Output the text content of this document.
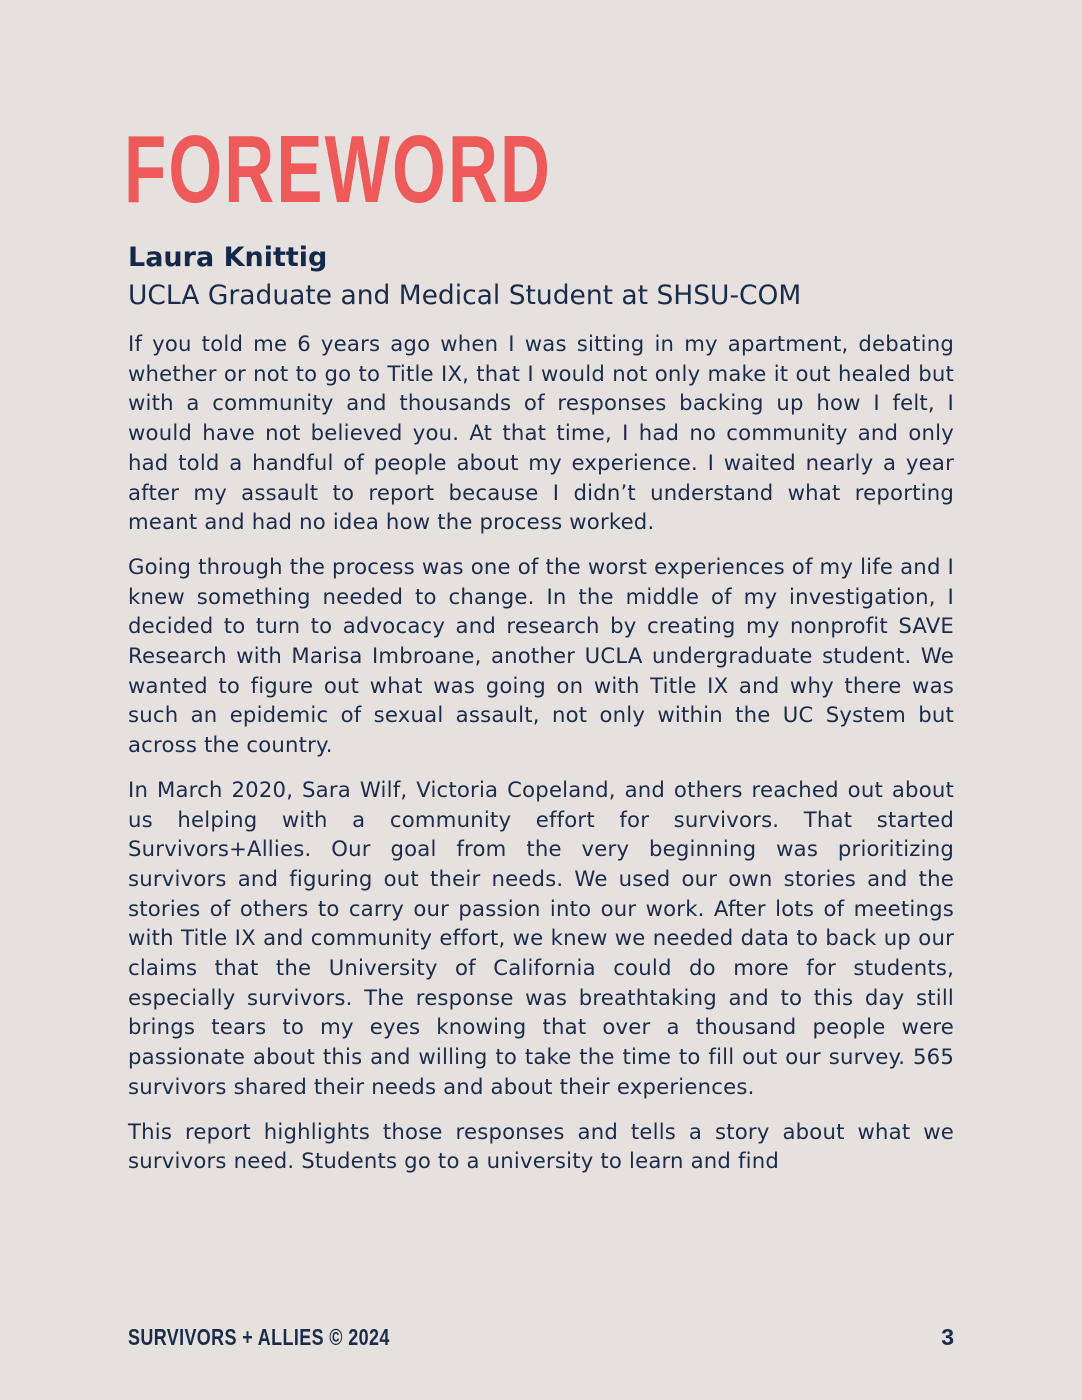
FOREWORD
Laura Knittig
UCLA Graduate and Medical Student at SHSU-COM

If you told me 6 years ago when I was sitting in my apartment, debating whether or not to go to Title IX, that I would not only make it out healed but with a community and thousands of responses backing up how I felt, I would have not believed you. At that time, I had no community and only had told a handful of people about my experience. I waited nearly a year after my assault to report because I didn’t understand what reporting meant and had no idea how the process worked.

Going through the process was one of the worst experiences of my life and I knew something needed to change. In the middle of my investigation, I decided to turn to advocacy and research by creating my nonprofit SAVE Research with Marisa Imbroane, another UCLA undergraduate student. We wanted to figure out what was going on with Title IX and why there was such an epidemic of sexual assault, not only within the UC System but across the country.

In March 2020, Sara Wilf, Victoria Copeland, and others reached out about us helping with a community effort for survivors. That started Survivors+Allies. Our goal from the very beginning was prioritizing survivors and figuring out their needs. We used our own stories and the stories of others to carry our passion into our work. After lots of meetings with Title IX and community effort, we knew we needed data to back up our claims that the University of California could do more for students, especially survivors. The response was breathtaking and to this day still brings tears to my eyes knowing that over a thousand people were passionate about this and willing to take the time to fill out our survey. 565 survivors shared their needs and about their experiences.

This report highlights those responses and tells a story about what we survivors need. Students go to a university to learn and find

SURVIVORS + ALLIES © 2024	3
